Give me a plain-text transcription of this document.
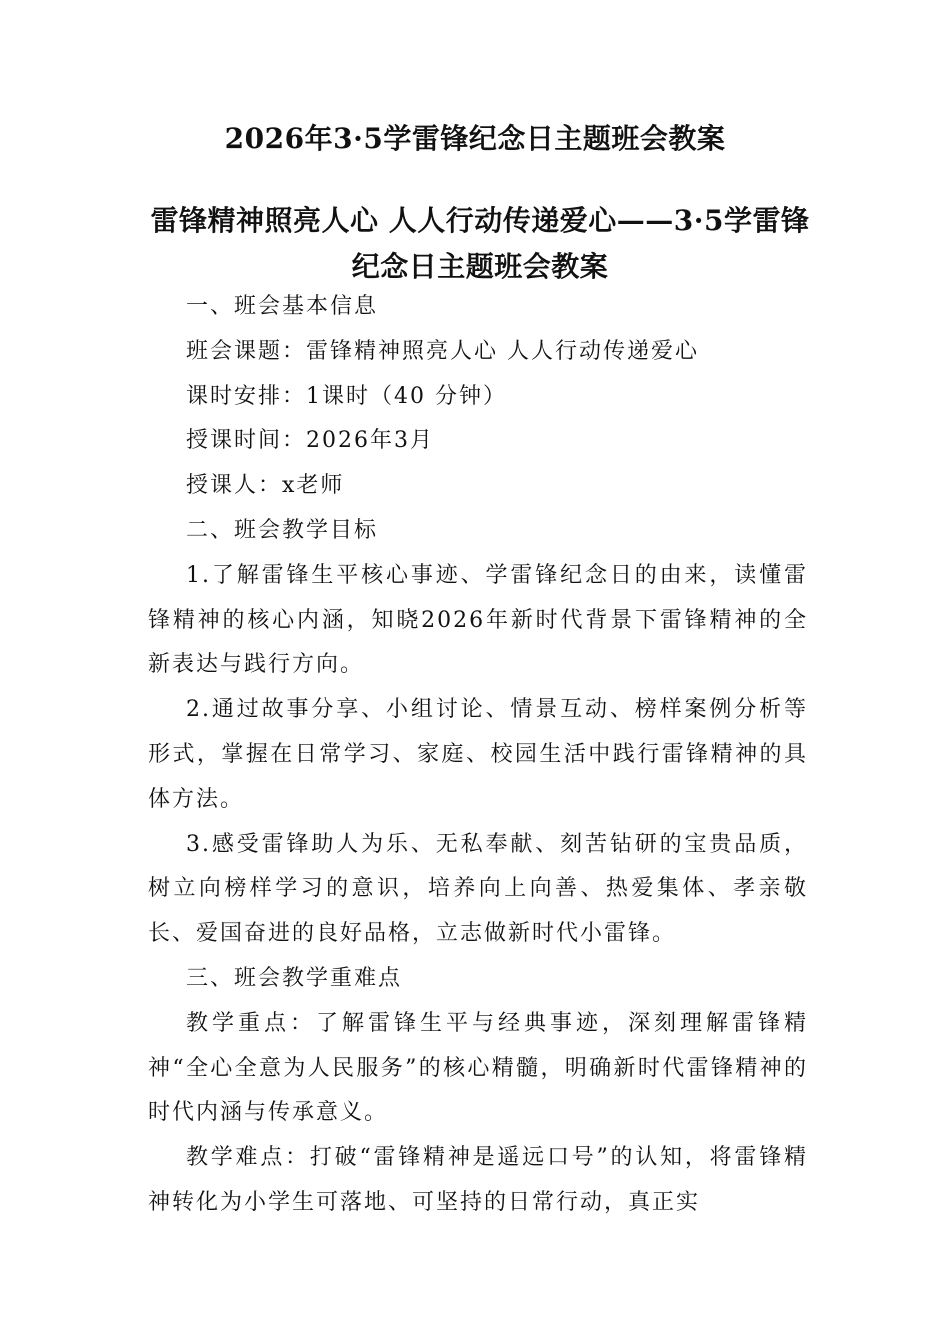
2026年3·5学雷锋纪念日主题班会教案
雷锋精神照亮人心 人人行动传递爱心——3·5学雷锋纪念日主题班会教案

一、班会基本信息

班会课题：雷锋精神照亮人心 人人行动传递爱心

课时安排：1课时（40 分钟）

授课时间：2026年3月

授课人：x老师

二、班会教学目标

1.了解雷锋生平核心事迹、学雷锋纪念日的由来，读懂雷锋精神的核心内涵，知晓2026年新时代背景下雷锋精神的全新表达与践行方向。

2.通过故事分享、小组讨论、情景互动、榜样案例分析等形式，掌握在日常学习、家庭、校园生活中践行雷锋精神的具体方法。

3.感受雷锋助人为乐、无私奉献、刻苦钻研的宝贵品质，树立向榜样学习的意识，培养向上向善、热爱集体、孝亲敬长、爱国奋进的良好品格，立志做新时代小雷锋。

三、班会教学重难点

教学重点：了解雷锋生平与经典事迹，深刻理解雷锋精神“全心全意为人民服务”的核心精髓，明确新时代雷锋精神的时代内涵与传承意义。

教学难点：打破“雷锋精神是遥远口号”的认知，将雷锋精神转化为小学生可落地、可坚持的日常行动，真正实
